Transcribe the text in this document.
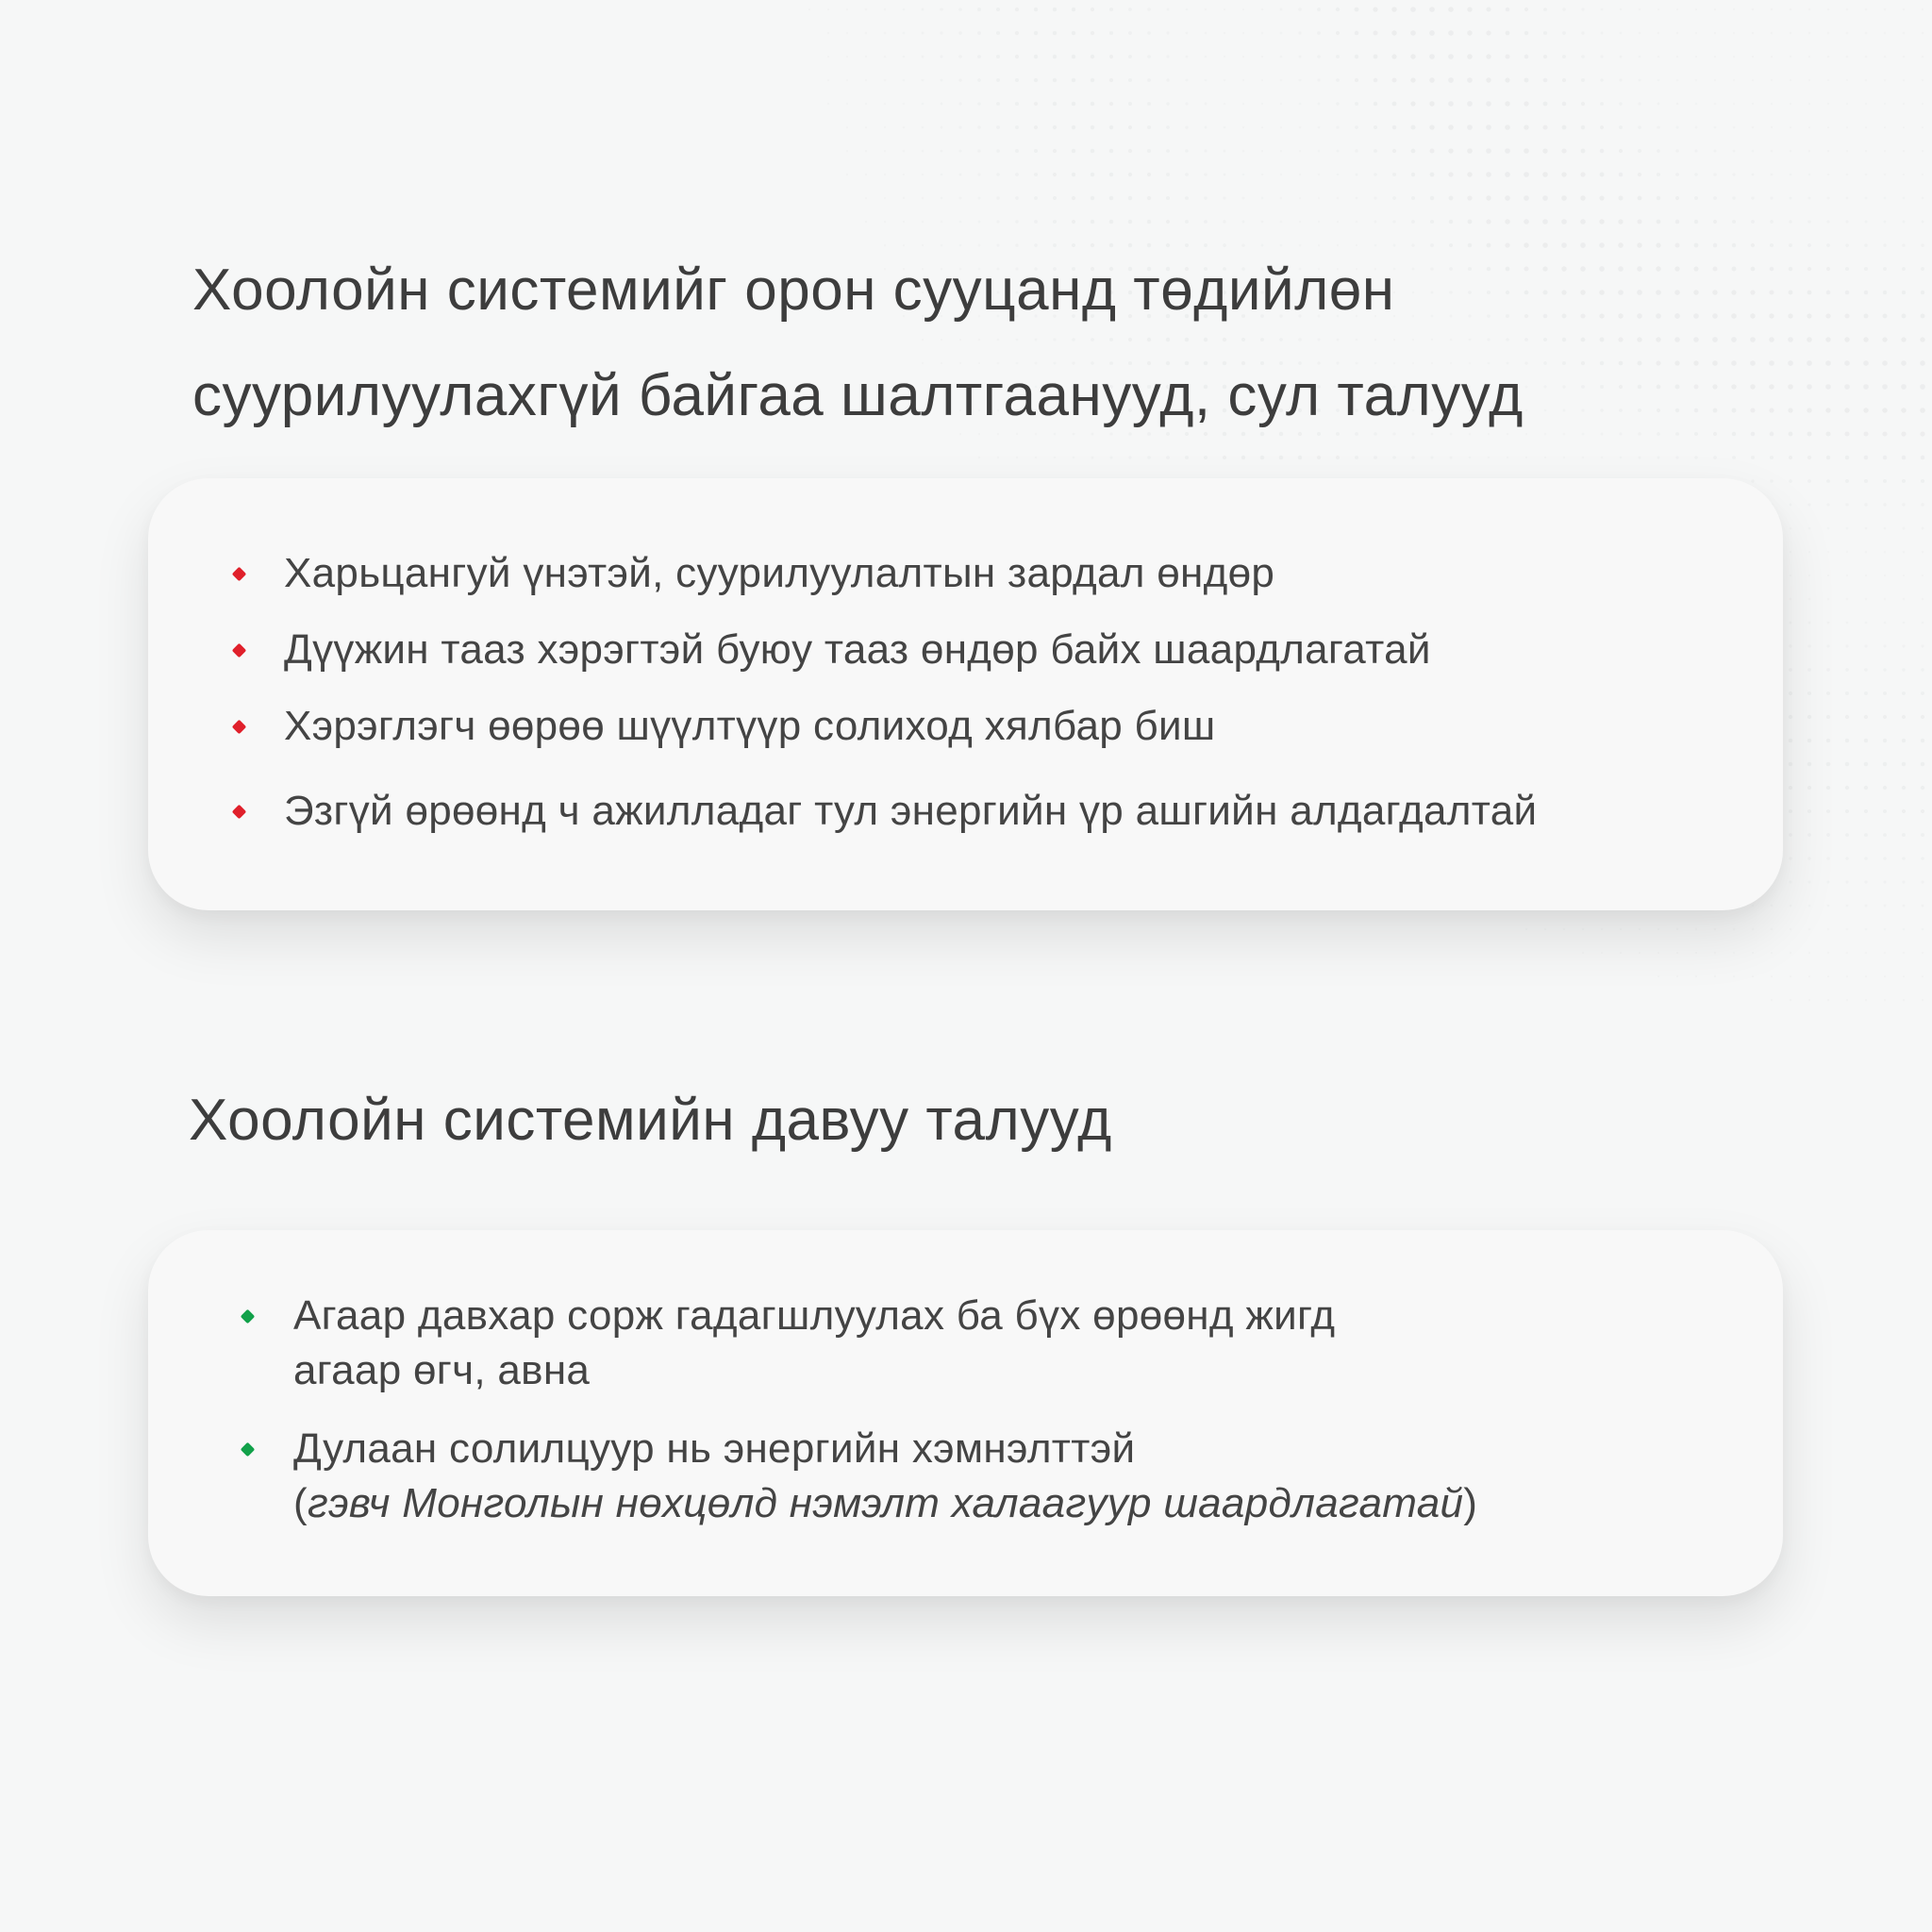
Хоолойн системийг орон сууцанд төдийлөн
суурилуулахгүй байгаа шалтгаанууд, сул талууд
Харьцангуй үнэтэй, суурилуулалтын зардал өндөр
Дүүжин тааз хэрэгтэй буюу тааз өндөр байх шаардлагатай
Хэрэглэгч өөрөө шүүлтүүр солиход хялбар биш
Эзгүй өрөөнд ч ажилладаг тул энергийн үр ашгийн алдагдалтай
Хоолойн системийн давуу талууд
Агаар давхар сорж гадагшлуулах ба бүх өрөөнд жигд
агаар өгч, авна
Дулаан солилцуур нь энергийн хэмнэлттэй
(гэвч Монголын нөхцөлд нэмэлт халаагуур шаардлагатай)
